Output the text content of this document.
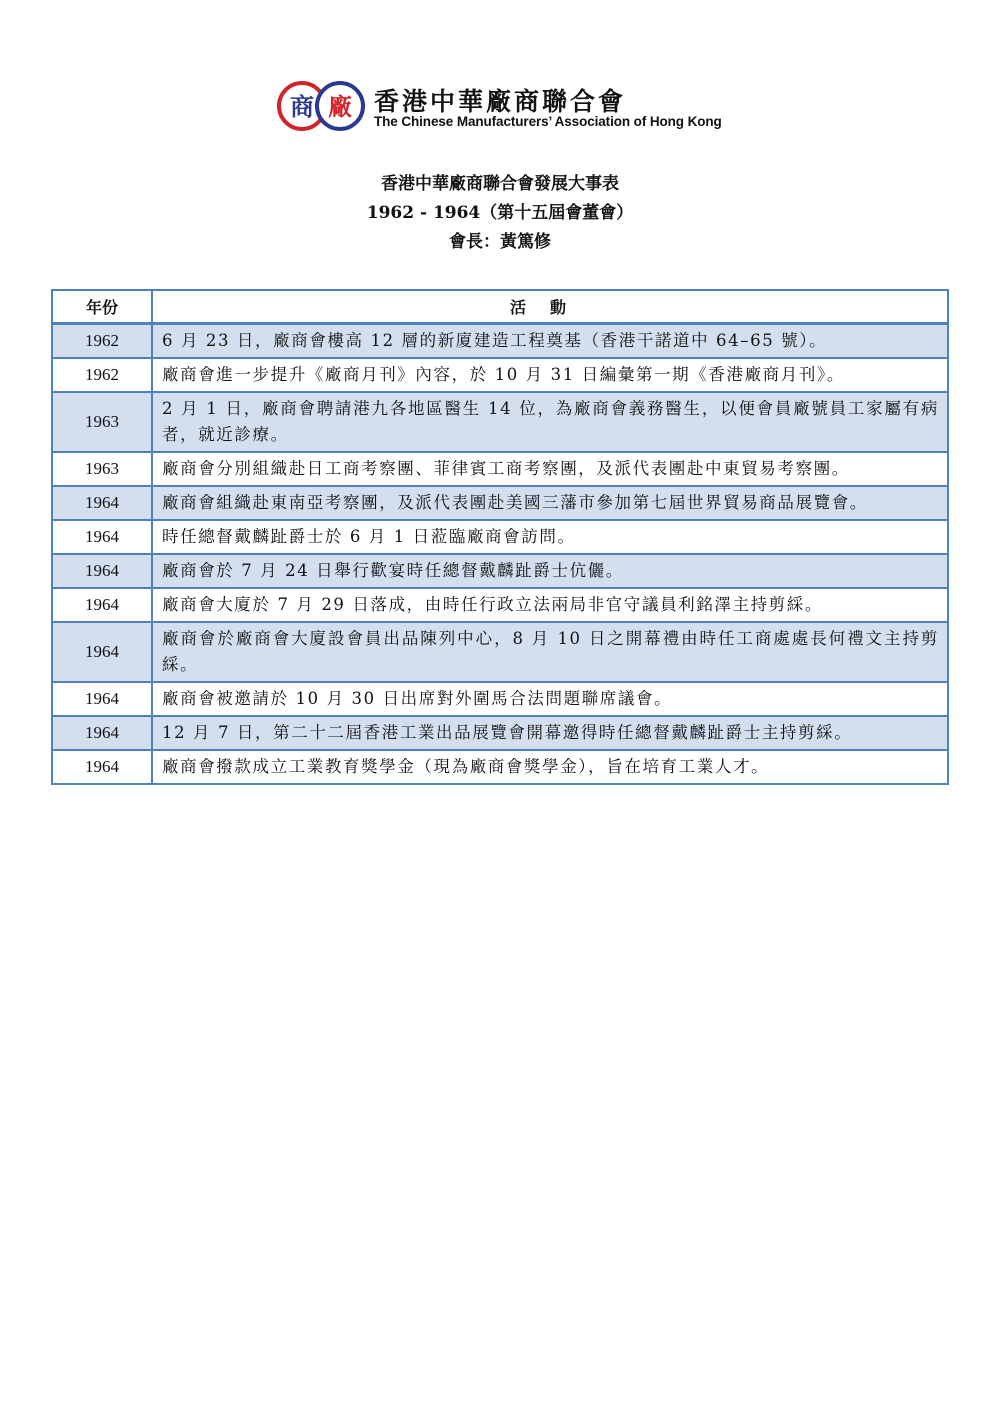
商 廠 香港中華廠商聯合會
The Chinese Manufacturers’ Association of Hong Kong
香港中華廠商聯合會發展大事表
1962 - 1964（第十五屆會董會）
會長：黃篤修
年份	活動
1962	6 月 23 日，廠商會樓高 12 層的新廈建造工程奠基（香港干諾道中 64–65 號）。
1962	廠商會進一步提升《廠商月刊》內容，於 10 月 31 日編彙第一期《香港廠商月刊》。
1963	2 月 1 日，廠商會聘請港九各地區醫生 14 位，為廠商會義務醫生，以便會員廠號員工家屬有病者，就近診療。
1963	廠商會分別組織赴日工商考察團、菲律賓工商考察團，及派代表團赴中東貿易考察團。
1964	廠商會組織赴東南亞考察團，及派代表團赴美國三藩市參加第七屆世界貿易商品展覽會。
1964	時任總督戴麟趾爵士於 6 月 1 日蒞臨廠商會訪問。
1964	廠商會於 7 月 24 日舉行歡宴時任總督戴麟趾爵士伉儷。
1964	廠商會大廈於 7 月 29 日落成，由時任行政立法兩局非官守議員利銘澤主持剪綵。
1964	廠商會於廠商會大廈設會員出品陳列中心，8 月 10 日之開幕禮由時任工商處處長何禮文主持剪綵。
1964	廠商會被邀請於 10 月 30 日出席對外圍馬合法問題聯席議會。
1964	12 月 7 日，第二十二屆香港工業出品展覽會開幕邀得時任總督戴麟趾爵士主持剪綵。
1964	廠商會撥款成立工業教育獎學金（現為廠商會獎學金），旨在培育工業人才。
